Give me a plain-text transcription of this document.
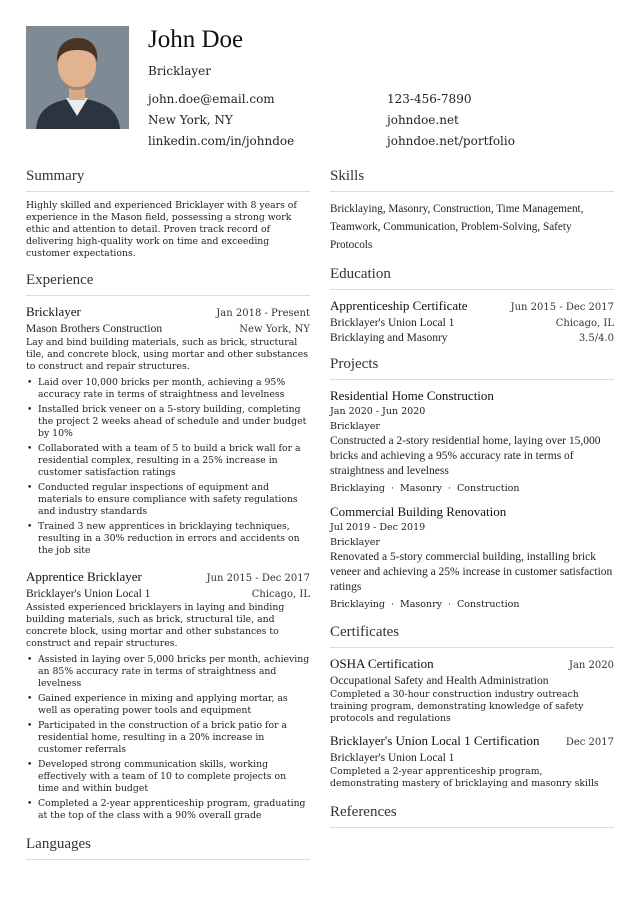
John Doe
Bricklayer
john.doe@email.com	123-456-7890
New York, NY	johndoe.net
linkedin.com/in/johndoe	johndoe.net/portfolio
Summary
Highly skilled and experienced Bricklayer with 8 years of experience in the Mason field, possessing a strong work ethic and attention to detail. Proven track record of delivering high-quality work on time and exceeding customer expectations.
Experience
Bricklayer	Jan 2018 - Present
Mason Brothers Construction	New York, NY
Lay and bind building materials, such as brick, structural tile, and concrete block, using mortar and other substances to construct and repair structures.
• Laid over 10,000 bricks per month, achieving a 95% accuracy rate in terms of straightness and levelness
• Installed brick veneer on a 5-story building, completing the project 2 weeks ahead of schedule and under budget by 10%
• Collaborated with a team of 5 to build a brick wall for a residential complex, resulting in a 25% increase in customer satisfaction ratings
• Conducted regular inspections of equipment and materials to ensure compliance with safety regulations and industry standards
• Trained 3 new apprentices in bricklaying techniques, resulting in a 30% reduction in errors and accidents on the job site
Apprentice Bricklayer	Jun 2015 - Dec 2017
Bricklayer's Union Local 1	Chicago, IL
Assisted experienced bricklayers in laying and binding building materials, such as brick, structural tile, and concrete block, using mortar and other substances to construct and repair structures.
• Assisted in laying over 5,000 bricks per month, achieving an 85% accuracy rate in terms of straightness and levelness
• Gained experience in mixing and applying mortar, as well as operating power tools and equipment
• Participated in the construction of a brick patio for a residential home, resulting in a 20% increase in customer referrals
• Developed strong communication skills, working effectively with a team of 10 to complete projects on time and within budget
• Completed a 2-year apprenticeship program, graduating at the top of the class with a 90% overall grade
Languages
Skills
Bricklaying, Masonry, Construction, Time Management, Teamwork, Communication, Problem-Solving, Safety Protocols
Education
Apprenticeship Certificate	Jun 2015 - Dec 2017
Bricklayer's Union Local 1	Chicago, IL
Bricklaying and Masonry	3.5/4.0
Projects
Residential Home Construction
Jan 2020 - Jun 2020
Bricklayer
Constructed a 2-story residential home, laying over 15,000 bricks and achieving a 95% accuracy rate in terms of straightness and levelness
Bricklaying · Masonry · Construction
Commercial Building Renovation
Jul 2019 - Dec 2019
Bricklayer
Renovated a 5-story commercial building, installing brick veneer and achieving a 25% increase in customer satisfaction ratings
Bricklaying · Masonry · Construction
Certificates
OSHA Certification	Jan 2020
Occupational Safety and Health Administration
Completed a 30-hour construction industry outreach training program, demonstrating knowledge of safety protocols and regulations
Bricklayer's Union Local 1 Certification	Dec 2017
Bricklayer's Union Local 1
Completed a 2-year apprenticeship program, demonstrating mastery of bricklaying and masonry skills
References
